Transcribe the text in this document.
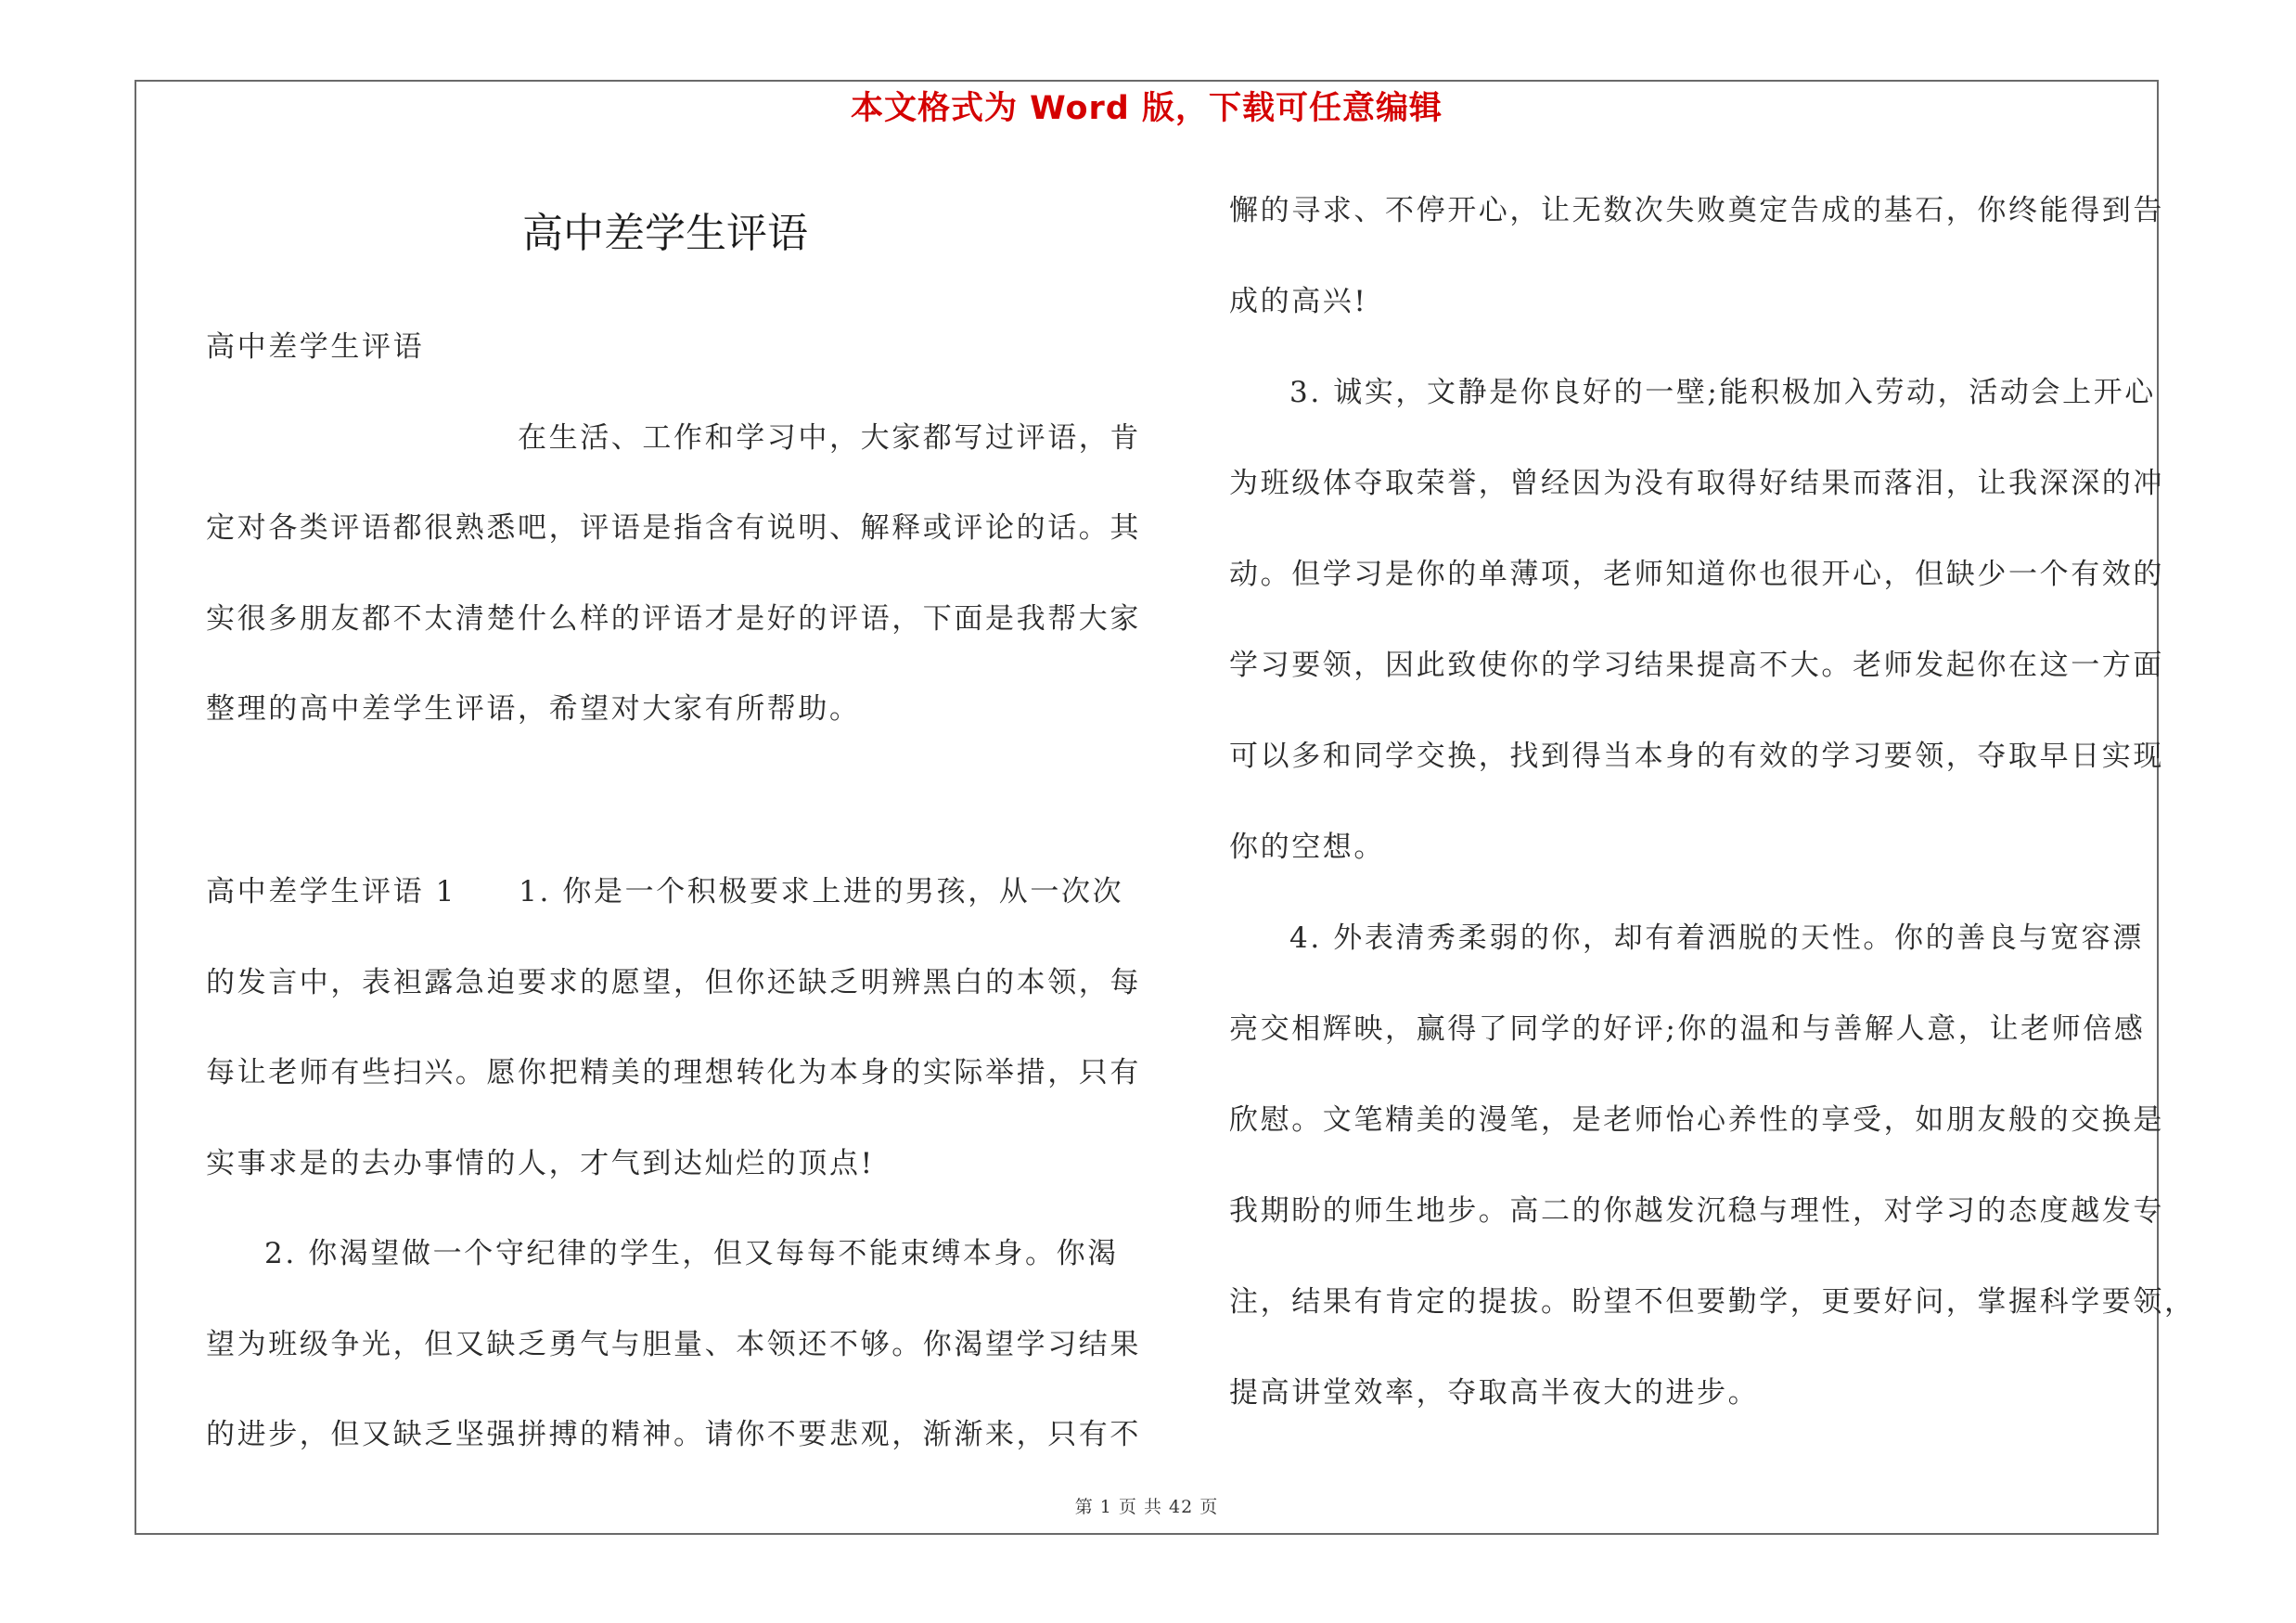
本文格式为 Word 版，下载可任意编辑
高中差学生评语
高中差学生评语
在生活、工作和学习中，大家都写过评语，肯
定对各类评语都很熟悉吧，评语是指含有说明、解释或评论的话。其
实很多朋友都不太清楚什么样的评语才是好的评语，下面是我帮大家
整理的高中差学生评语，希望对大家有所帮助。
高中差学生评语 1　　1. 你是一个积极要求上进的男孩，从一次次
的发言中，表袒露急迫要求的愿望，但你还缺乏明辨黑白的本领，每
每让老师有些扫兴。愿你把精美的理想转化为本身的实际举措，只有
实事求是的去办事情的人，才气到达灿烂的顶点!
2. 你渴望做一个守纪律的学生，但又每每不能束缚本身。你渴
望为班级争光，但又缺乏勇气与胆量、本领还不够。你渴望学习结果
的进步，但又缺乏坚强拼搏的精神。请你不要悲观，渐渐来，只有不
懈的寻求、不停开心，让无数次失败奠定告成的基石，你终能得到告
成的高兴!
3. 诚实，文静是你良好的一壁;能积极加入劳动，活动会上开心
为班级体夺取荣誉，曾经因为没有取得好结果而落泪，让我深深的冲
动。但学习是你的单薄项，老师知道你也很开心，但缺少一个有效的
学习要领，因此致使你的学习结果提高不大。老师发起你在这一方面
可以多和同学交换，找到得当本身的有效的学习要领，夺取早日实现
你的空想。
4. 外表清秀柔弱的你，却有着洒脱的天性。你的善良与宽容漂
亮交相辉映，赢得了同学的好评;你的温和与善解人意，让老师倍感
欣慰。文笔精美的漫笔，是老师怡心养性的享受，如朋友般的交换是
我期盼的师生地步。高二的你越发沉稳与理性，对学习的态度越发专
注，结果有肯定的提拔。盼望不但要勤学，更要好问，掌握科学要领，
提高讲堂效率，夺取高半夜大的进步。
第 1 页 共 42 页
